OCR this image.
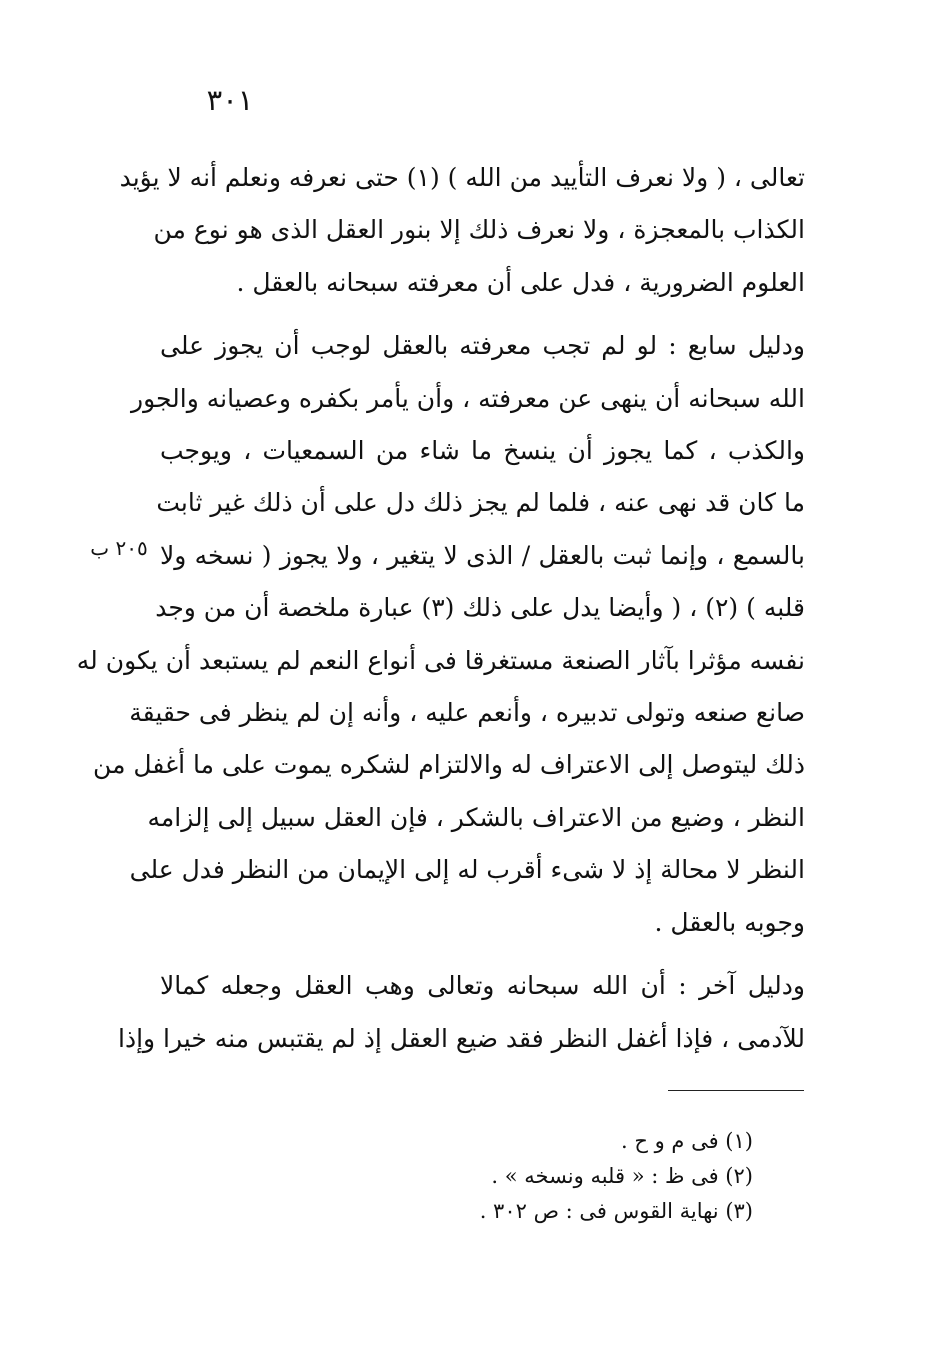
٣٠١
٢٠٥ ب

تعالى ، ( ولا نعرف التأييد من الله ) (١) حتى نعرفه ونعلم أنه لا يؤيد
الكذاب بالمعجزة ، ولا نعرف ذلك إلا بنور العقل الذى هو نوع من
العلوم الضرورية ، فدل على أن معرفته سبحانه بالعقل .

ودليل سابع : لو لم تجب معرفته بالعقل لوجب أن يجوز على
الله سبحانه أن ينهى عن معرفته ، وأن يأمر بكفره وعصيانه والجور
والكذب ، كما يجوز أن ينسخ ما شاء من السمعيات ، ويوجب
ما كان قد نهى عنه ، فلما لم يجز ذلك دل على أن ذلك غير ثابت
بالسمع ، وإنما ثبت بالعقل / الذى لا يتغير ، ولا يجوز ( نسخه ولا
قلبه ) (٢) ، ( وأيضا يدل على ذلك (٣) عبارة ملخصة أن من وجد
نفسه مؤثرا بآثار الصنعة مستغرقا فى أنواع النعم لم يستبعد أن يكون له
صانع صنعه وتولى تدبيره ، وأنعم عليه ، وأنه إن لم ينظر فى حقيقة
ذلك ليتوصل إلى الاعتراف له والالتزام لشكره يموت على ما أغفل من
النظر ، وضيع من الاعتراف بالشكر ، فإن العقل سبيل إلى إلزامه
النظر لا محالة إذ لا شىء أقرب له إلى الإيمان من النظر فدل على
وجوبه بالعقل .

ودليل آخر : أن الله سبحانه وتعالى وهب العقل وجعله كمالا
للآدمى ، فإذا أغفل النظر فقد ضيع العقل إذ لم يقتبس منه خيرا وإذا

(١) فى م و ح .
(٢) فى ظ : « قلبه ونسخه » .
(٣) نهاية القوس فى : ص ٣٠٢ .
